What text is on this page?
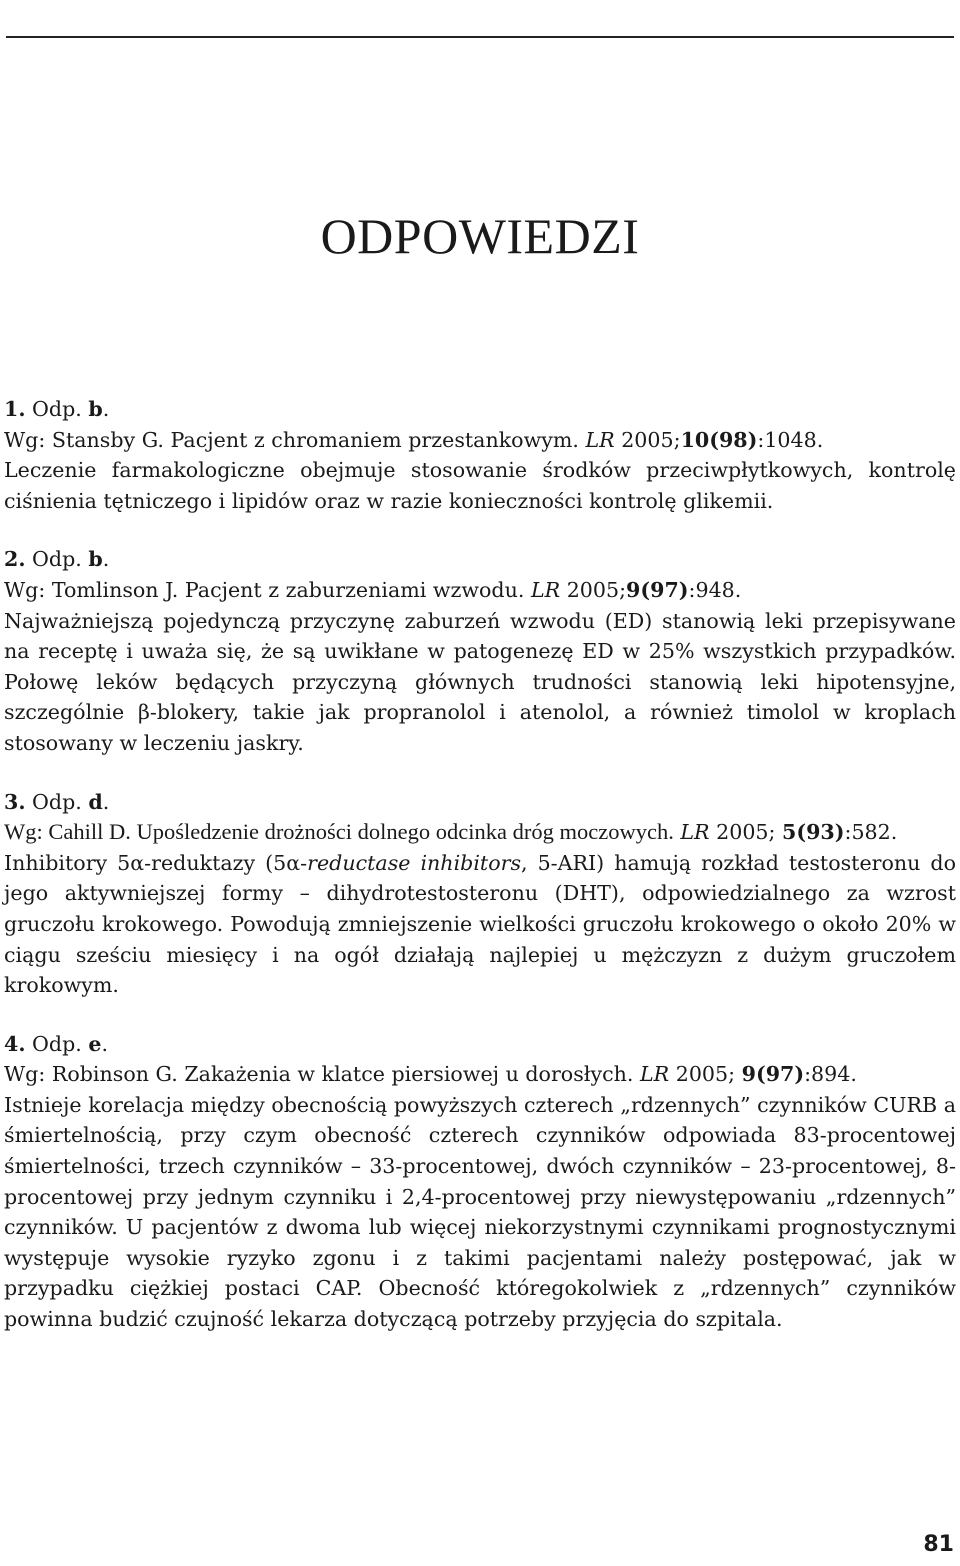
ODPOWIEDZI

1. Odp. b.

Wg: Stansby G. Pacjent z chromaniem przestankowym. LR 2005;10(98):1048.

Leczenie farmakologiczne obejmuje stosowanie środków przeciwpłytkowych, kontrolę ciśnienia tętniczego i lipidów oraz w razie konieczności kontrolę glikemii.

2. Odp. b.

Wg: Tomlinson J. Pacjent z zaburzeniami wzwodu. LR 2005;9(97):948.

Najważniejszą pojedynczą przyczynę zaburzeń wzwodu (ED) stanowią leki przepisywane na receptę i uważa się, że są uwikłane w patogenezę ED w 25% wszystkich przypadków. Połowę leków będących przyczyną głównych trudności stanowią leki hipotensyjne, szczególnie β-blokery, takie jak propranolol i atenolol, a również timolol w kroplach stosowany w leczeniu jaskry.

3. Odp. d.

Wg: Cahill D. Upośledzenie drożności dolnego odcinka dróg moczowych. LR 2005; 5(93):582.

Inhibitory 5α-reduktazy (5α-reductase inhibitors, 5-ARI) hamują rozkład testosteronu do jego aktywniejszej formy – dihydrotestosteronu (DHT), odpowiedzialnego za wzrost gruczołu krokowego. Powodują zmniejszenie wielkości gruczołu krokowego o około 20% w ciągu sześciu miesięcy i na ogół działają najlepiej u mężczyzn z dużym gruczołem krokowym.

4. Odp. e.

Wg: Robinson G. Zakażenia w klatce piersiowej u dorosłych. LR 2005; 9(97):894.

Istnieje korelacja między obecnością powyższych czterech „rdzennych” czynników CURB a śmiertelnością, przy czym obecność czterech czynników odpowiada 83-procentowej śmiertelności, trzech czynników – 33-procentowej, dwóch czynników – 23-procentowej, 8-procentowej przy jednym czynniku i 2,4-procentowej przy niewystępowaniu „rdzennych” czynników. U pacjentów z dwoma lub więcej niekorzystnymi czynnikami prognostycznymi występuje wysokie ryzyko zgonu i z takimi pacjentami należy postępować, jak w przypadku ciężkiej postaci CAP. Obecność któregokolwiek z „rdzennych” czynników powinna budzić czujność lekarza dotyczącą potrzeby przyjęcia do szpitala.

81
